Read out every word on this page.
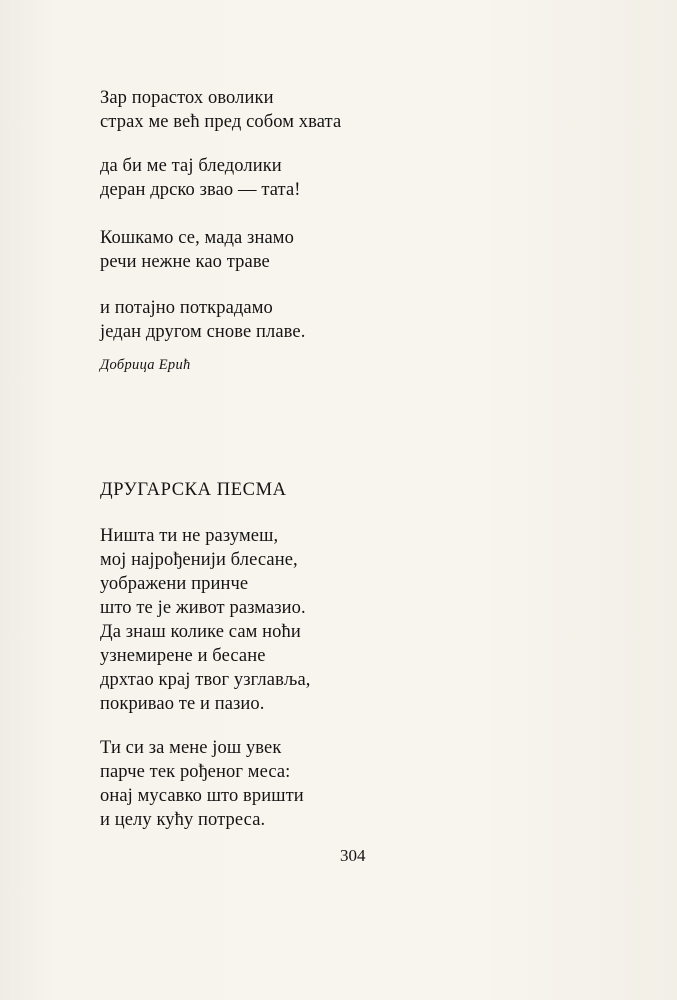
Зар порастох оволики
страх ме већ пред собом хвата
да би ме тај бледолики
деран дрско звао — тата!
Кошкамо се, мада знамо
речи нежне као траве
и потајно поткрадамо
један другом снове плаве.
Добрица Ерић
ДРУГАРСКА ПЕСМА
Ништа ти не разумеш,
мој најрођенији блесане,
уображени принче
што те је живот размазио.
Да знаш колике сам ноћи
узнемирене и бесане
дрхтао крај твог узглавља,
покривао те и пазио.
Ти си за мене још увек
парче тек рођеног меса:
онај мусавко што вришти
и целу кућу потреса.
304
